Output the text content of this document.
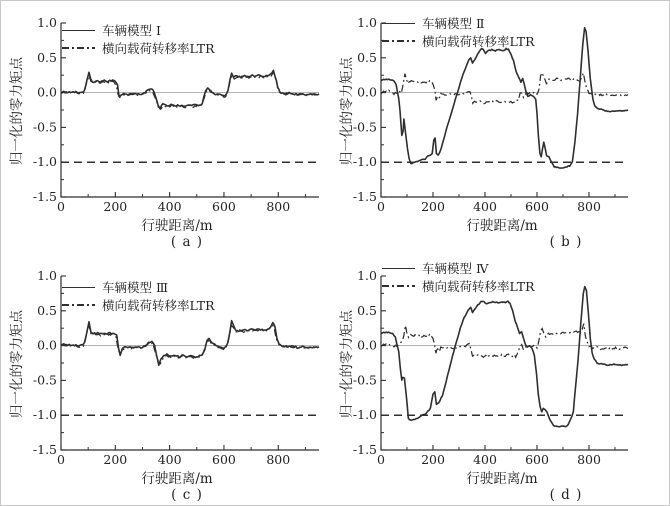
1.0
0.5
0.0
-0.5
-1.0
-1.5
0	200 400 600 800
归一化的零力矩点
车辆模型 Ⅰ
横向载荷转移率LTR
行驶距离/m
( a )
1.0
0.5
0.0
-0.5
-1.0
-1.5
0	200 400 600 800
归一化的零力矩点
车辆模型 Ⅱ
横向载荷转移率LTR
行驶距离/m
( b )
1.0
0.5
0.0
-0.5
-1.0
-1.5
0	200 400 600 800
归一化的零力矩点
车辆模型 Ⅲ
横向载荷转移率LTR
行驶距离/m
( c )
1.0
0.5
0.0
-0.5
-1.0
-1.5
0	200 400 600 800
归一化的零力矩点
车辆模型 Ⅳ
横向载荷转移率LTR
行驶距离/m
( d )
